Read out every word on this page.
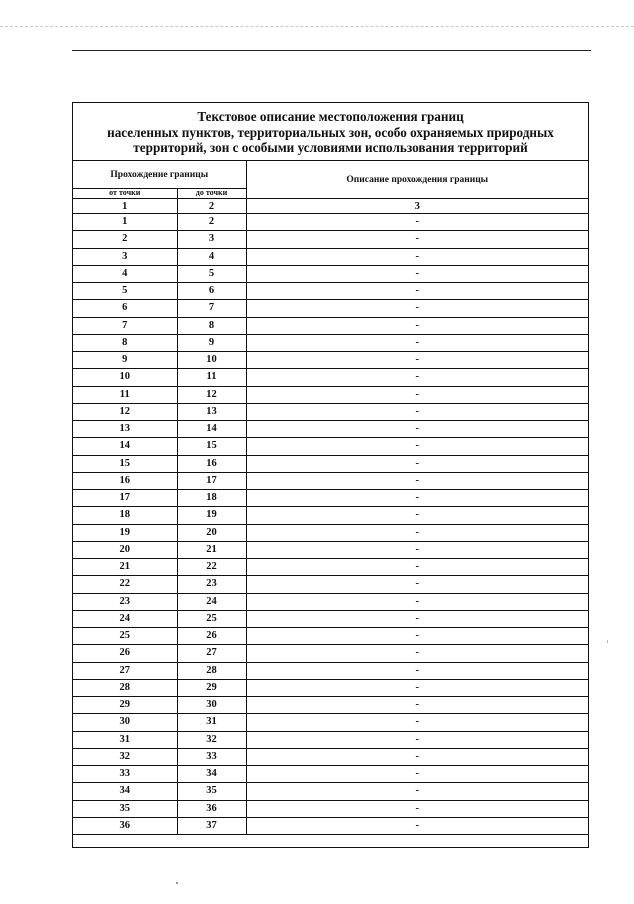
Текстовое описание местоположения границ
населенных пунктов, территориальных зон, особо охраняемых природных
территорий, зон с особыми условиями использования территорий
Прохождение границы		Описание прохождения границы
от точки	до точки	
1	2	3
1	2	-
2	3	-
3	4	-
4	5	-
5	6	-
6	7	-
7	8	-
8	9	-
9	10	-
10	11	-
11	12	-
12	13	-
13	14	-
14	15	-
15	16	-
16	17	-
17	18	-
18	19	-
19	20	-
20	21	-
21	22	-
22	23	-
23	24	-
24	25	-
25	26	-
26	27	-
27	28	-
28	29	-
29	30	-
30	31	-
31	32	-
32	33	-
33	34	-
34	35	-
35	36	-
36	37	-
